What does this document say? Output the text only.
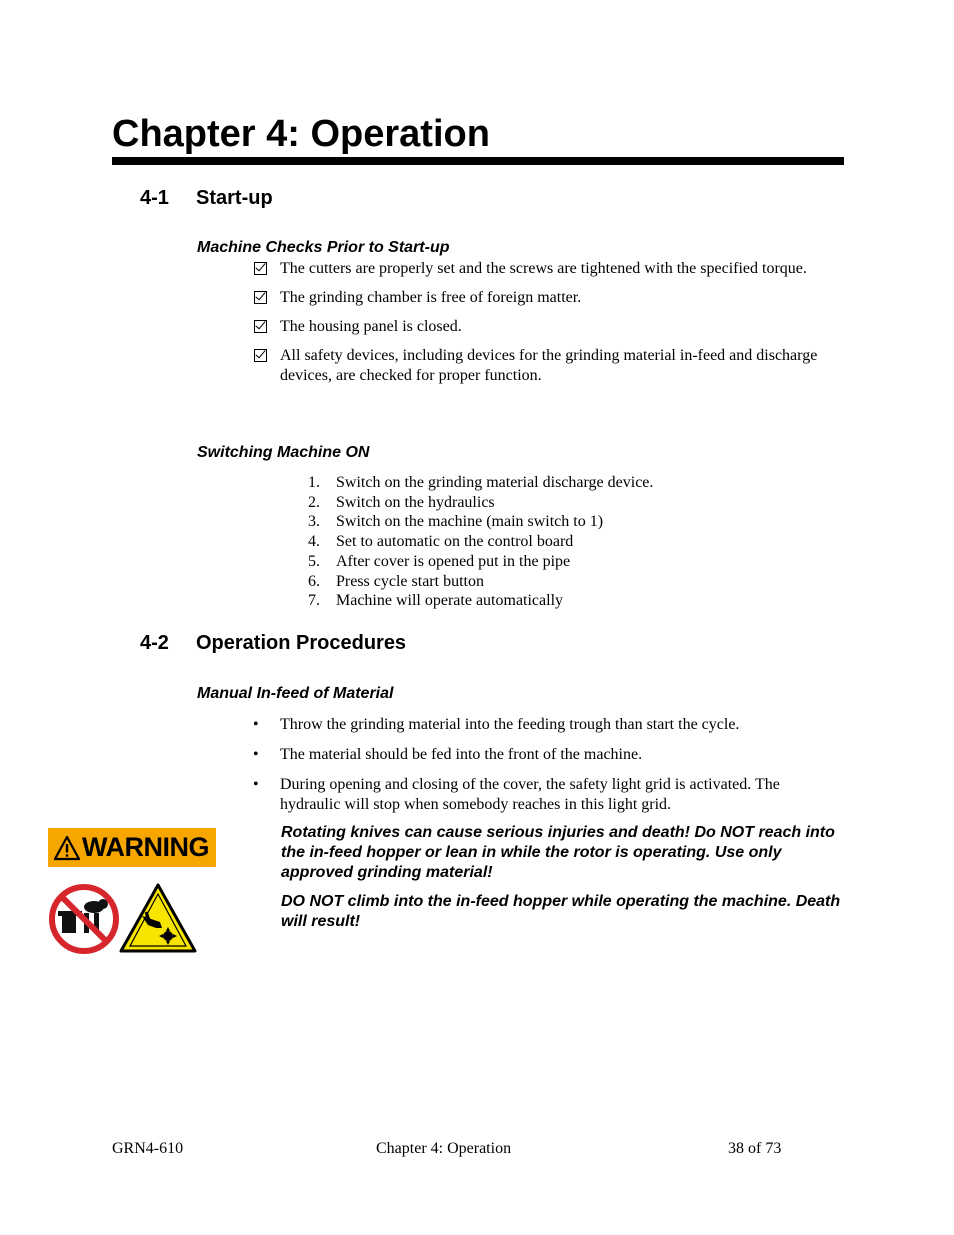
Chapter 4: Operation
4-1 Start-up
Machine Checks Prior to Start-up
The cutters are properly set and the screws are tightened with the specified torque.
The grinding chamber is free of foreign matter.
The housing panel is closed.
All safety devices, including devices for the grinding material in-feed and discharge devices, are checked for proper function.
Switching Machine ON
1. Switch on the grinding material discharge device.
2. Switch on the hydraulics
3. Switch on the machine (main switch to 1)
4. Set to automatic on the control board
5. After cover is opened put in the pipe
6. Press cycle start button
7. Machine will operate automatically
4-2 Operation Procedures
Manual In-feed of Material
• Throw the grinding material into the feeding trough than start the cycle.
• The material should be fed into the front of the machine.
• During opening and closing of the cover, the safety light grid is activated. The hydraulic will stop when somebody reaches in this light grid.
WARNING	Rotating knives can cause serious injuries and death! Do NOT reach into the in-feed hopper or lean in while the rotor is operating. Use only approved grinding material!

DO NOT climb into the in-feed hopper while operating the machine. Death will result!

GRN4-610	Chapter 4: Operation	38 of 73
